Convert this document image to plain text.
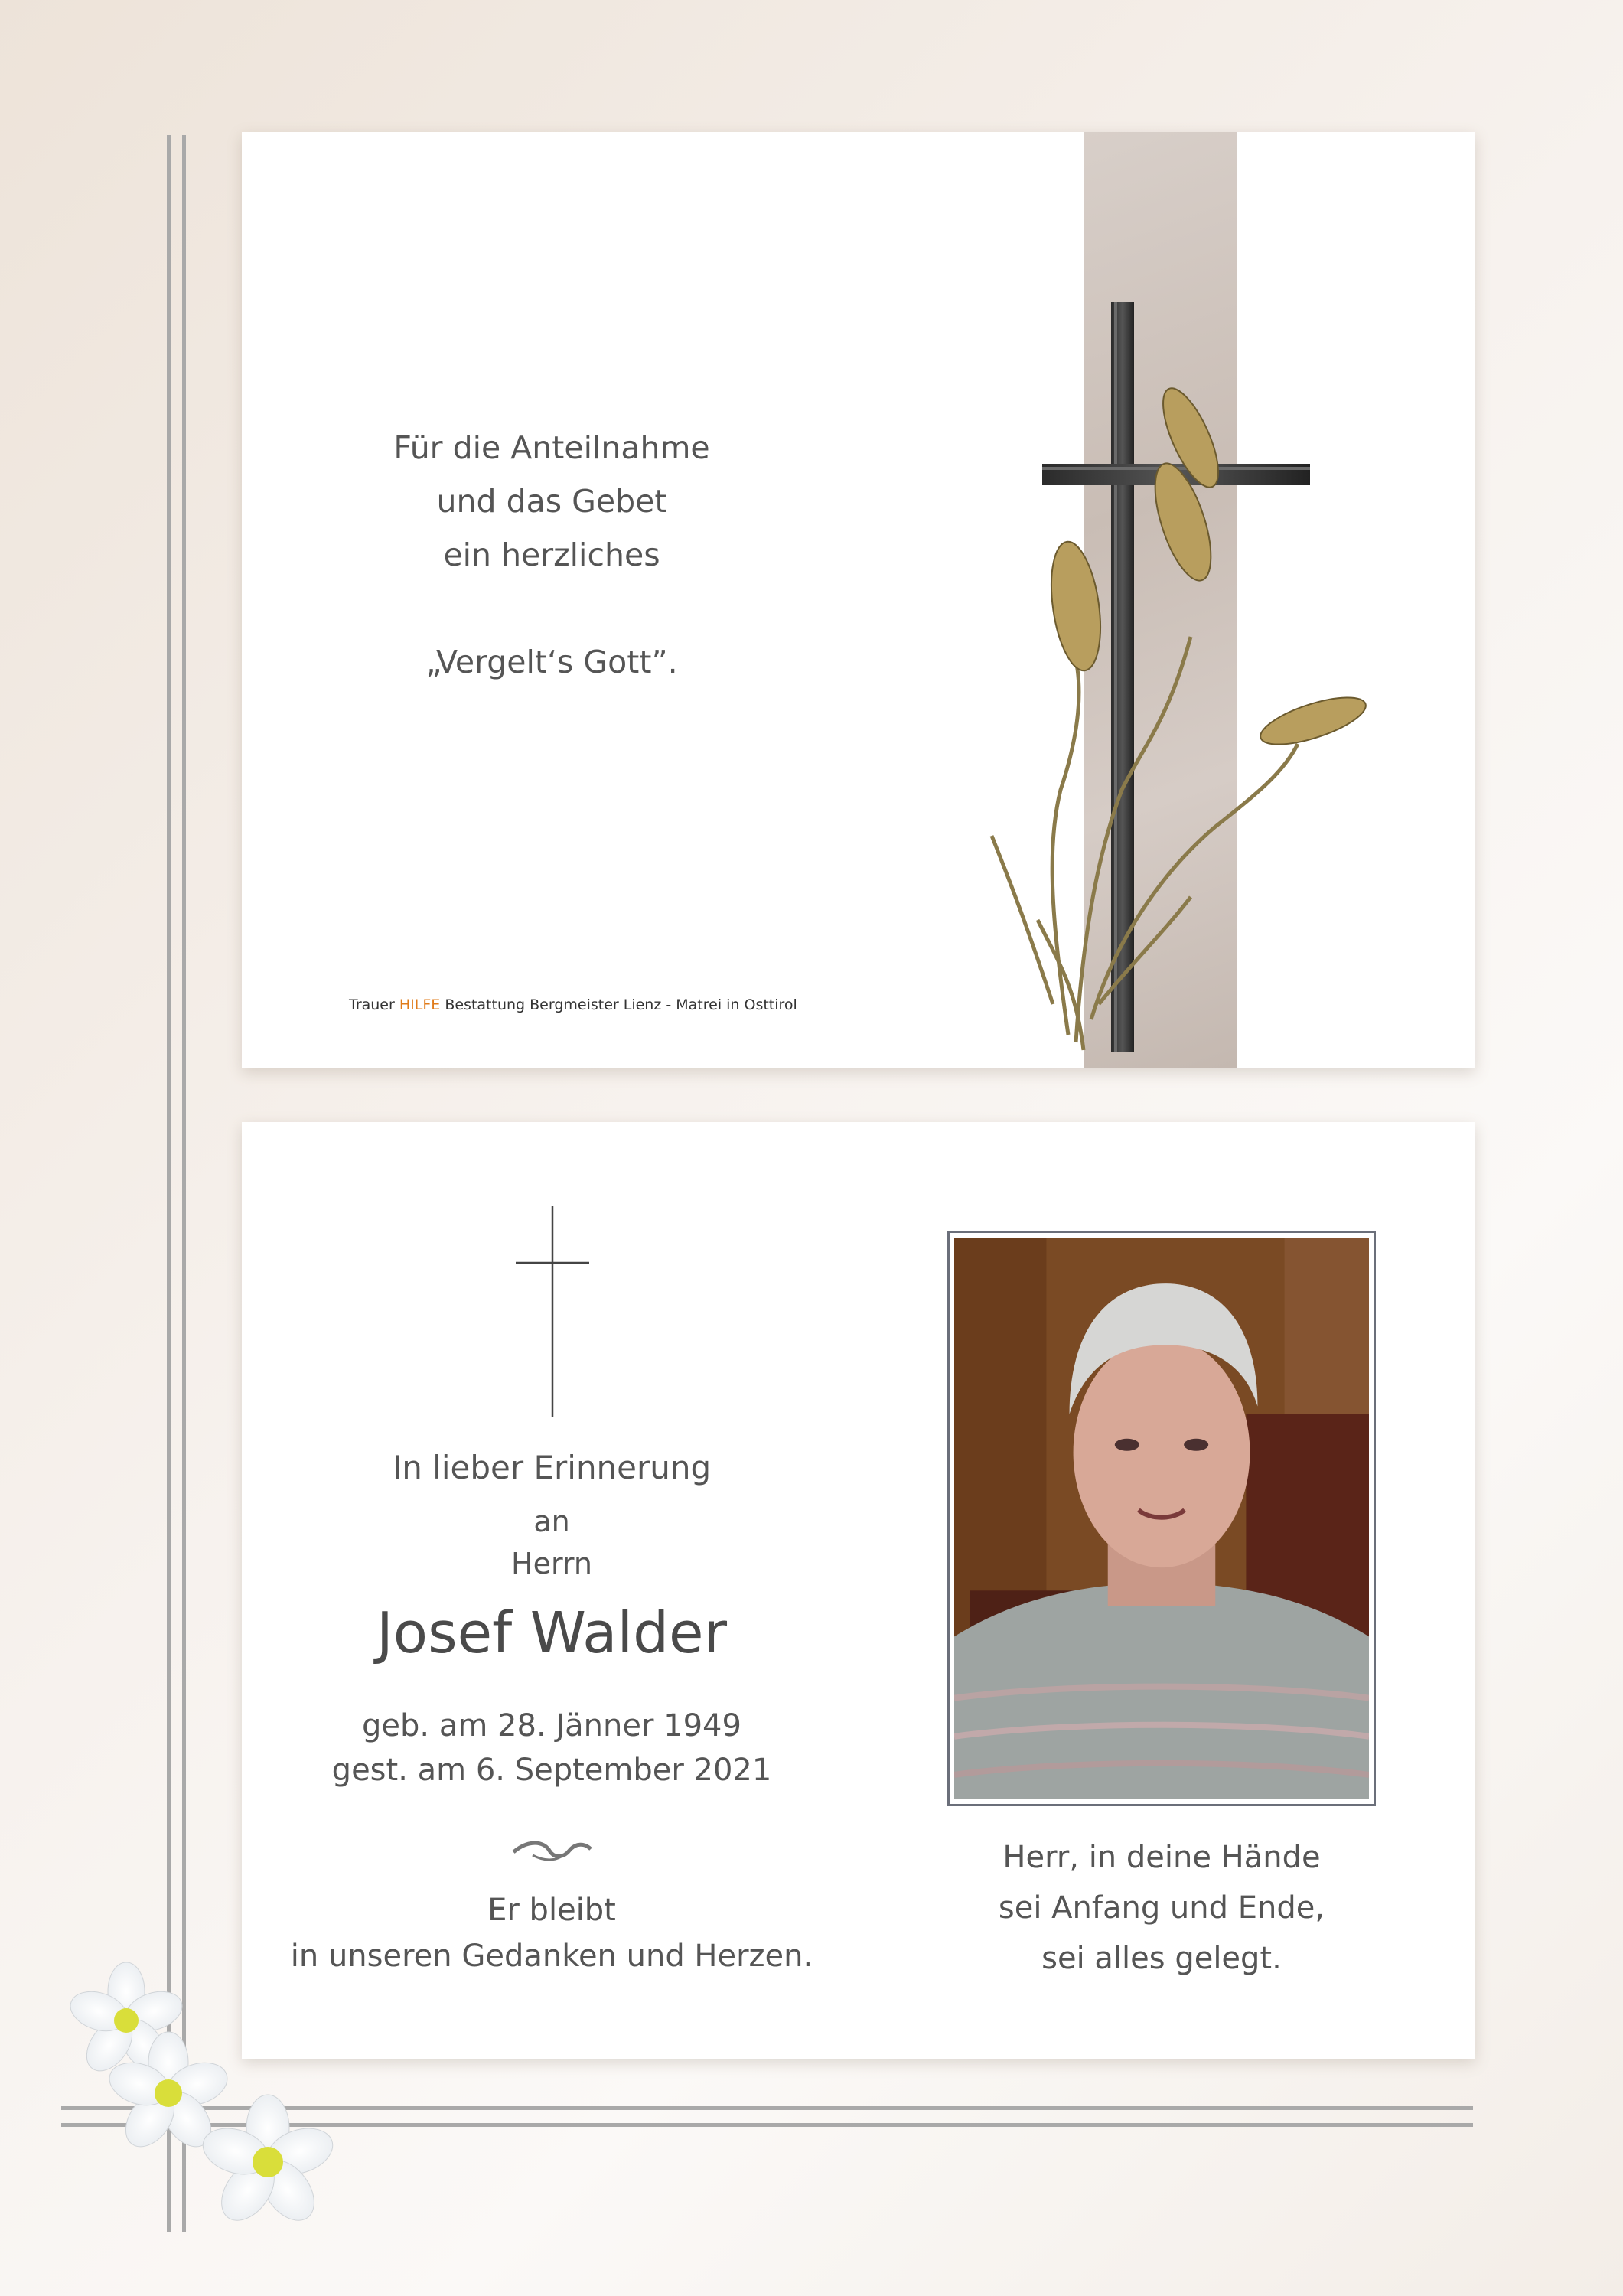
Für die Anteilnahme
und das Gebet
ein herzliches
„Vergelt‘s Gott”.
Trauer HILFE Bestattung Bergmeister Lienz - Matrei in Osttirol
In lieber Erinnerung
an
Herrn
Josef Walder
geb. am 28. Jänner 1949
gest. am 6. September 2021
Er bleibt
in unseren Gedanken und Herzen.
Herr, in deine Hände
sei Anfang und Ende,
sei alles gelegt.
